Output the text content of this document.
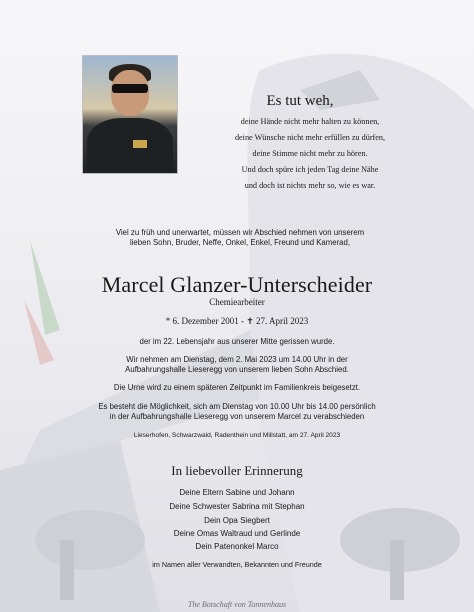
Es tut weh,

deine Hände nicht mehr halten zu können,

deine Wünsche nicht mehr erfüllen zu dürfen,

deine Stimme nicht mehr zu hören.

Und doch spüre ich jeden Tag deine Nähe

und doch ist nichts mehr so, wie es war.

Viel zu früh und unerwartet, müssen wir Abschied nehmen von unserem

lieben Sohn, Bruder, Neffe, Onkel, Enkel, Freund und Kamerad,

Marcel Glanzer-Unterscheider

Chemiearbeiter

* 6. Dezember 2001 - ✝ 27. April 2023

der im 22. Lebensjahr aus unserer Mitte gerissen wurde.

Wir nehmen am Dienstag, dem 2. Mai 2023 um 14.00 Uhr in der

Aufbahrungshalle Lieseregg von unserem lieben Sohn Abschied.

Die Urne wird zu einem späteren Zeitpunkt im Familienkreis beigesetzt.

Es besteht die Möglichkeit, sich am Dienstag von 10.00 Uhr bis 14.00 persönlich

in der Aufbahrungshalle Lieseregg von unserem Marcel zu verabschieden

Lieserhofen, Schwarzwald, Radenthein und Millstatt, am 27. April 2023

In liebevoller Erinnerung

Deine Eltern Sabine und Johann

Deine Schwester Sabrina mit Stephan

Dein Opa Siegbert

Deine Omas Waltraud und Gerlinde

Dein Patenonkel Marco

im Namen aller Verwandten, Bekannten und Freunde

The Botschaft von Tonnenhaus
